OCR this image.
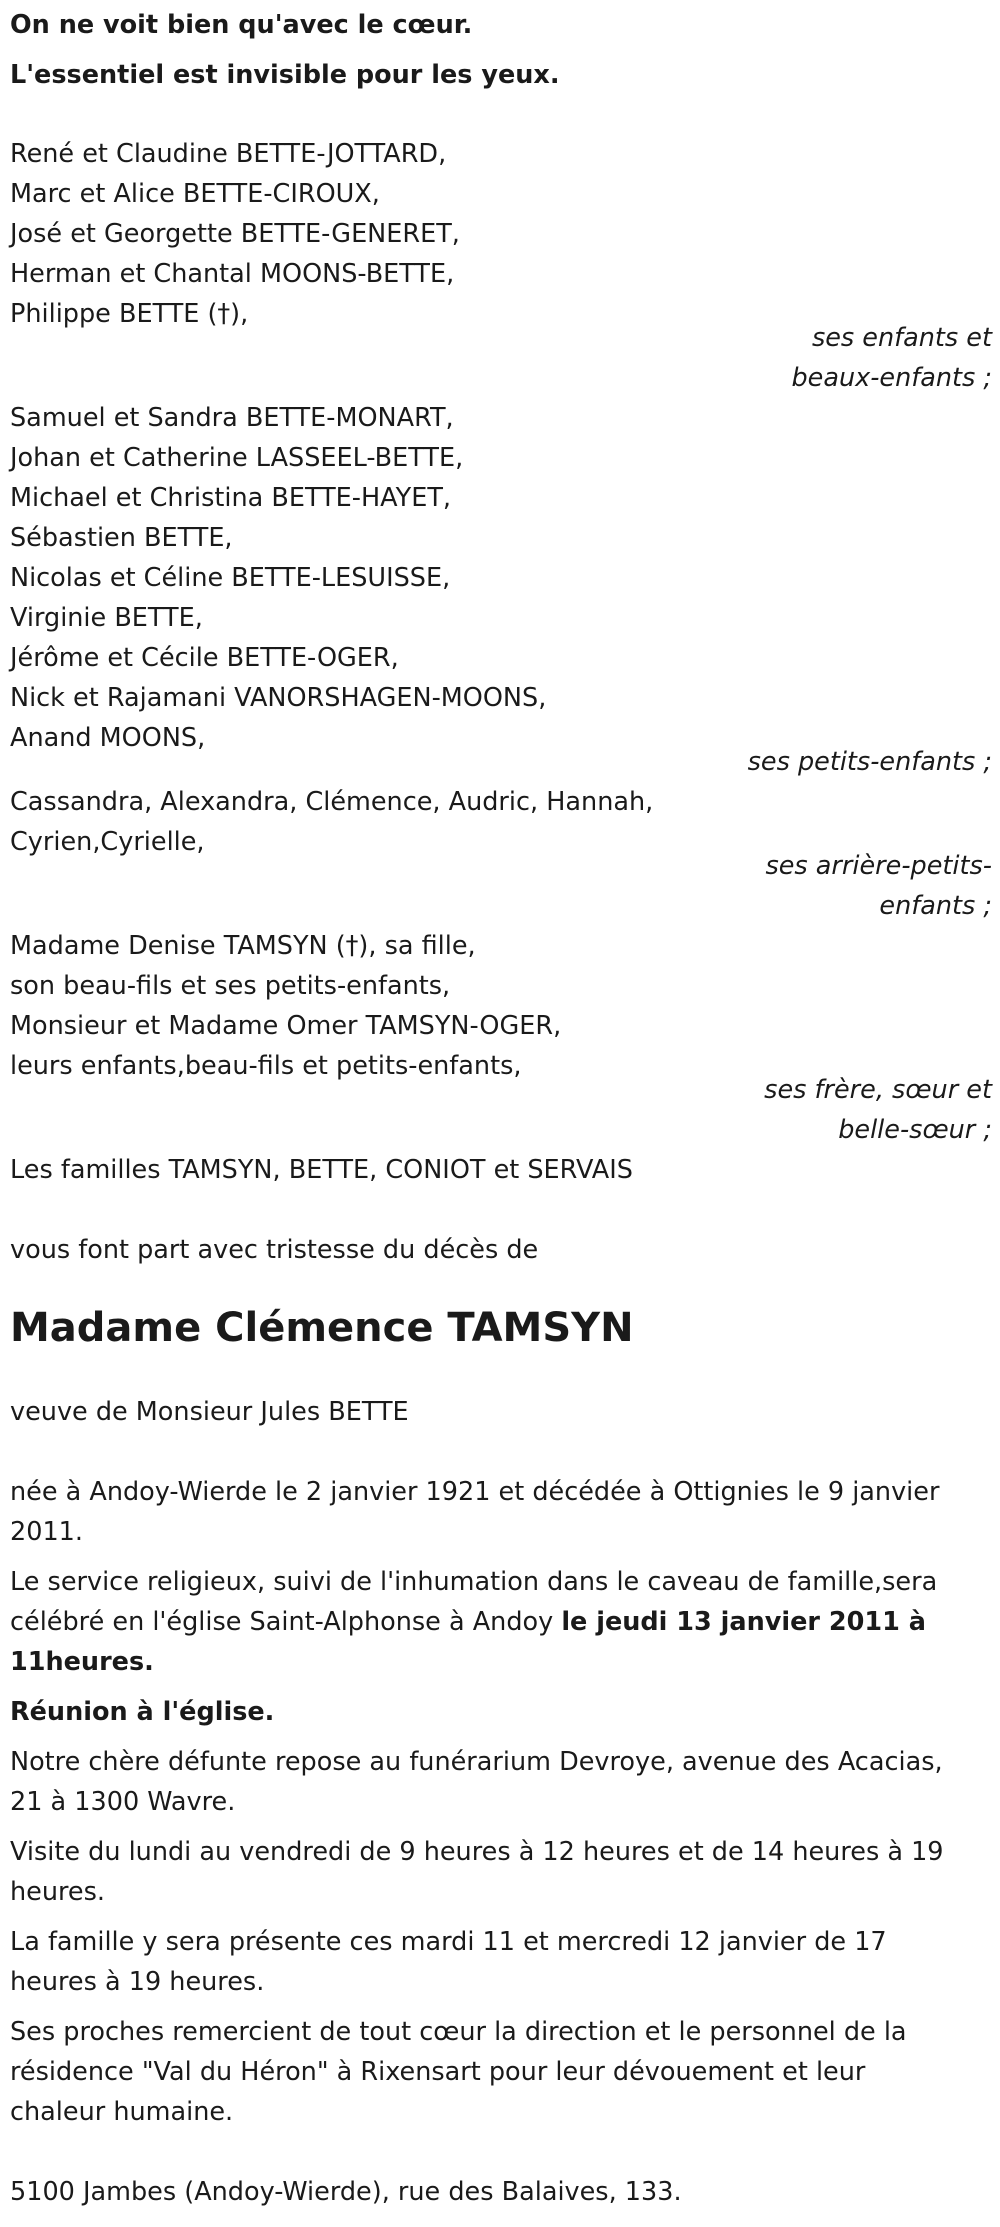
On ne voit bien qu'avec le cœur.
L'essentiel est invisible pour les yeux.
René et Claudine BETTE-JOTTARD,
Marc et Alice BETTE-CIROUX,
José et Georgette BETTE-GENERET,
Herman et Chantal MOONS-BETTE,
Philippe BETTE (†),
ses enfants et
beaux-enfants ;
Samuel et Sandra BETTE-MONART,
Johan et Catherine LASSEEL-BETTE,
Michael et Christina BETTE-HAYET,
Sébastien BETTE,
Nicolas et Céline BETTE-LESUISSE,
Virginie BETTE,
Jérôme et Cécile BETTE-OGER,
Nick et Rajamani VANORSHAGEN-MOONS,
Anand MOONS,
ses petits-enfants ;
Cassandra, Alexandra, Clémence, Audric, Hannah,
Cyrien,Cyrielle,
ses arrière-petits-
enfants ;
Madame Denise TAMSYN (†), sa fille,
son beau-fils et ses petits-enfants,
Monsieur et Madame Omer TAMSYN-OGER,
leurs enfants,beau-fils et petits-enfants,
ses frère, sœur et
belle-sœur ;
Les familles TAMSYN, BETTE, CONIOT et SERVAIS
vous font part avec tristesse du décès de
Madame Clémence TAMSYN
veuve de Monsieur Jules BETTE
née à Andoy-Wierde le 2 janvier 1921 et décédée à Ottignies le 9 janvier
2011.
Le service religieux, suivi de l'inhumation dans le caveau de famille,sera
célébré en l'église Saint-Alphonse à Andoy le jeudi 13 janvier 2011 à
11heures.
Réunion à l'église.
Notre chère défunte repose au funérarium Devroye, avenue des Acacias,
21 à 1300 Wavre.
Visite du lundi au vendredi de 9 heures à 12 heures et de 14 heures à 19
heures.
La famille y sera présente ces mardi 11 et mercredi 12 janvier de 17
heures à 19 heures.
Ses proches remercient de tout cœur la direction et le personnel de la
résidence "Val du Héron" à Rixensart pour leur dévouement et leur
chaleur humaine.
5100 Jambes (Andoy-Wierde), rue des Balaives, 133.
